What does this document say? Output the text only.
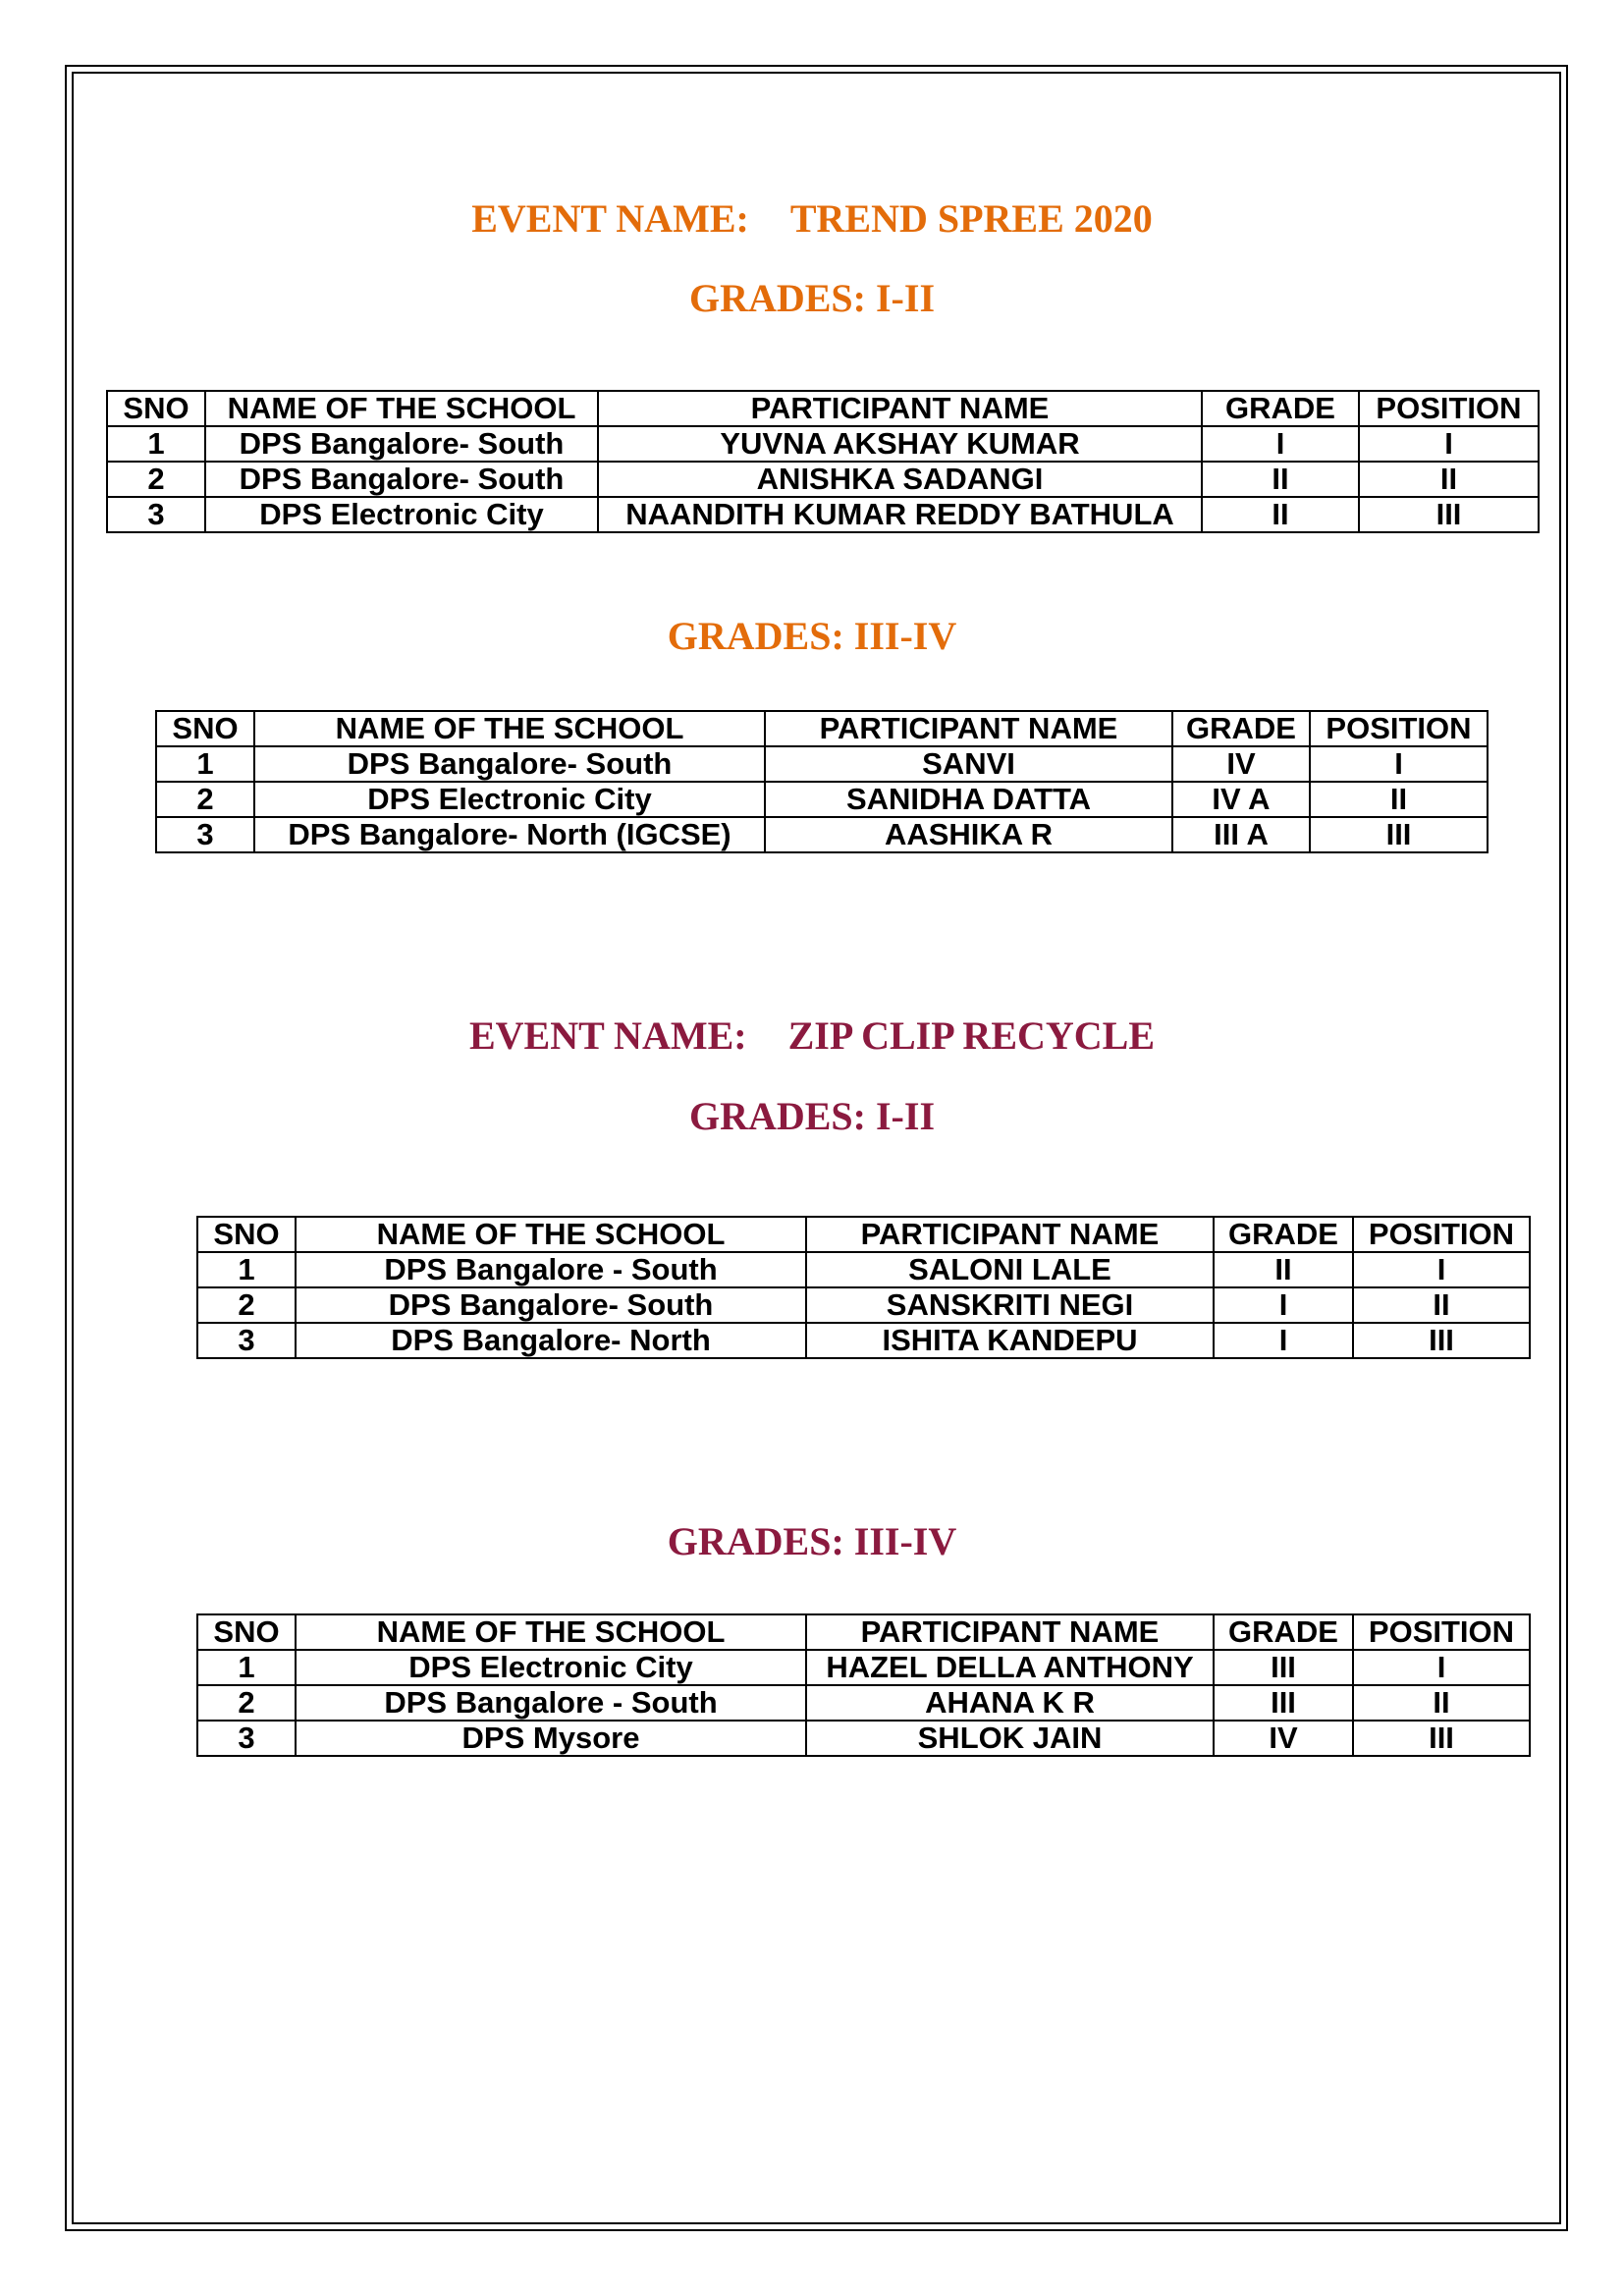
EVENT NAME: TREND SPREE 2020
GRADES: I-II
SNO	NAME OF THE SCHOOL	PARTICIPANT NAME	GRADE	POSITION
1	DPS Bangalore- South	YUVNA AKSHAY KUMAR	I	I
2	DPS Bangalore- South	ANISHKA SADANGI	II	II
3	DPS Electronic City	NAANDITH KUMAR REDDY BATHULA	II	III
GRADES: III-IV
SNO	NAME OF THE SCHOOL	PARTICIPANT NAME	GRADE	POSITION
1	DPS Bangalore- South	SANVI	IV	I
2	DPS Electronic City	SANIDHA DATTA	IV A	II
3	DPS Bangalore- North (IGCSE)	AASHIKA R	III A	III
EVENT NAME: ZIP CLIP RECYCLE
GRADES: I-II
SNO	NAME OF THE SCHOOL	PARTICIPANT NAME	GRADE	POSITION
1	DPS Bangalore - South	SALONI LALE	II	I
2	DPS Bangalore- South	SANSKRITI NEGI	I	II
3	DPS Bangalore- North	ISHITA KANDEPU	I	III
GRADES: III-IV
SNO	NAME OF THE SCHOOL	PARTICIPANT NAME	GRADE	POSITION
1	DPS Electronic City	HAZEL DELLA ANTHONY	III	I
2	DPS Bangalore - South	AHANA K R	III	II
3	DPS Mysore	SHLOK JAIN	IV	III
